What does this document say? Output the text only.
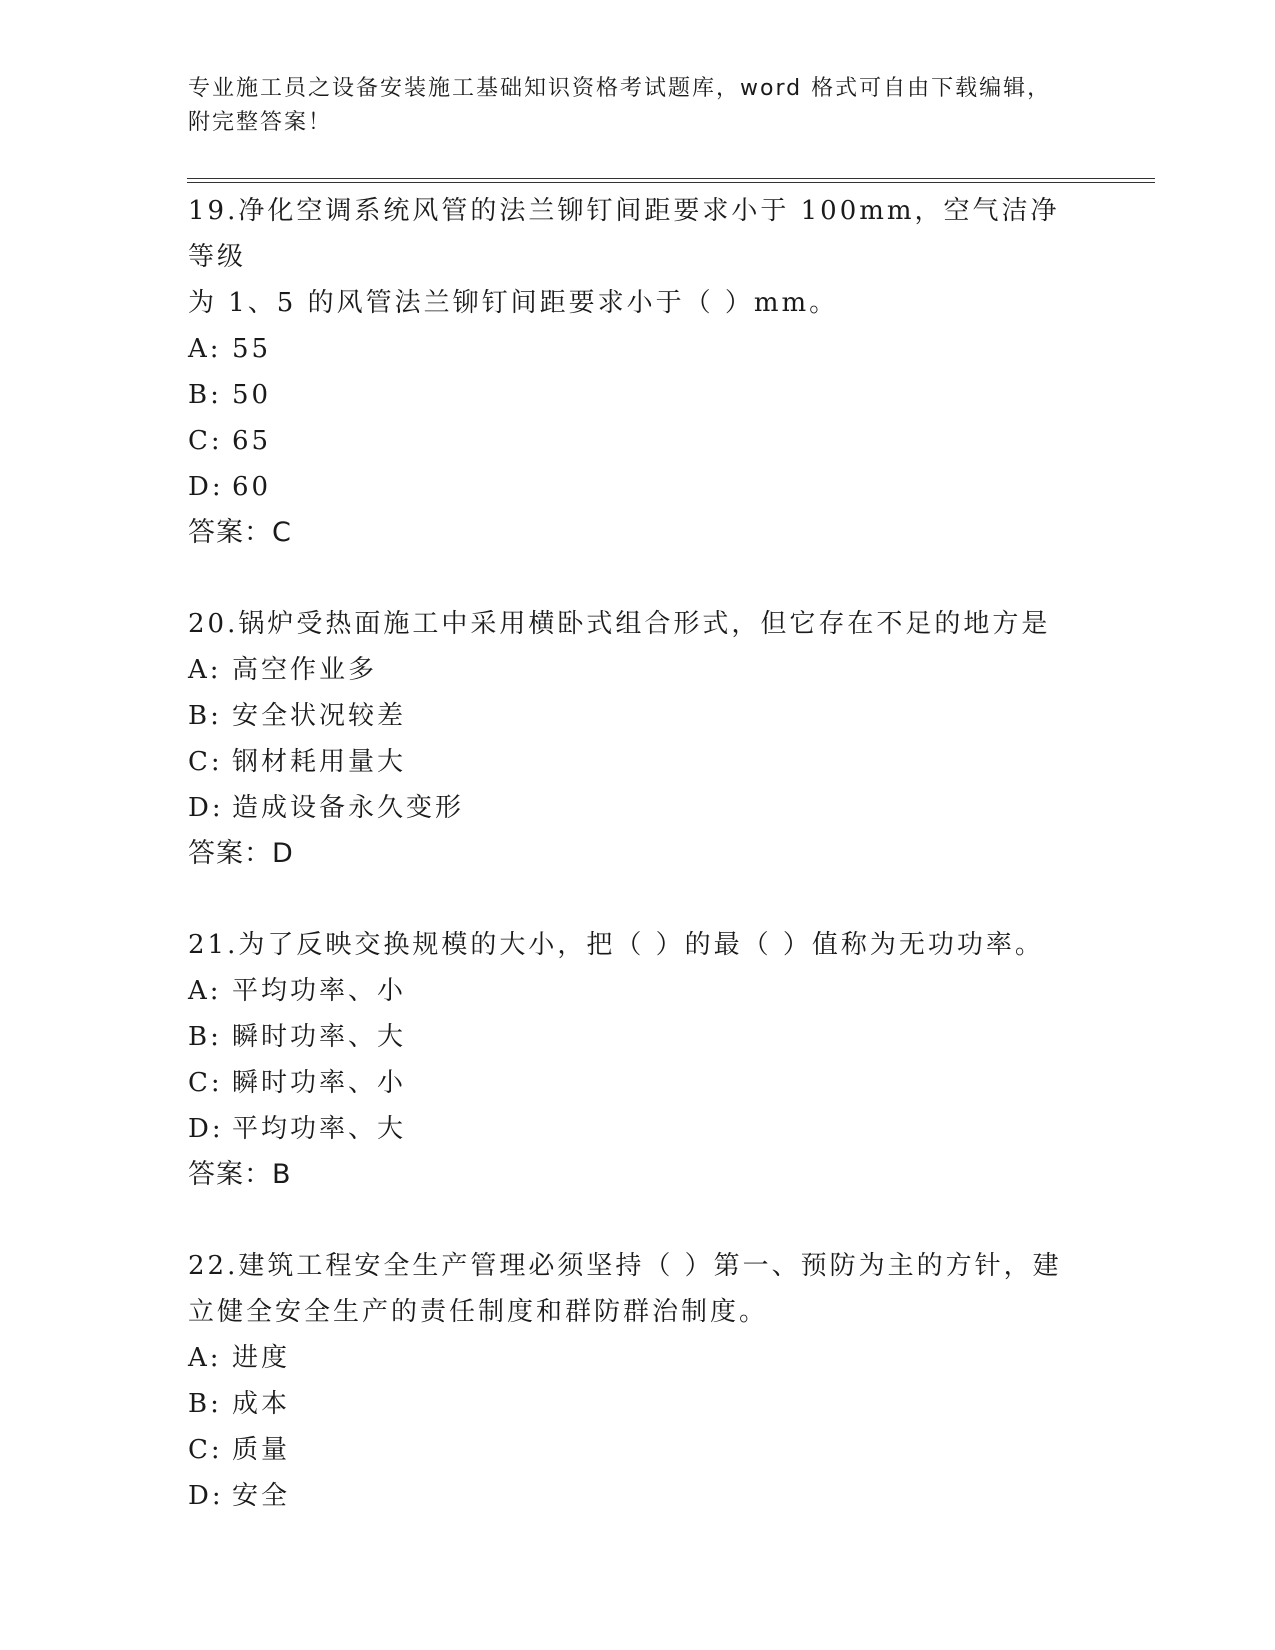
专业施工员之设备安装施工基础知识资格考试题库，word 格式可自由下载编辑，
附完整答案！
19.净化空调系统风管的法兰铆钉间距要求小于 100mm，空气洁净等级
为 1、5 的风管法兰铆钉间距要求小于（ ）mm。
A: 55
B: 50
C: 65
D: 60
答案：C
20.锅炉受热面施工中采用横卧式组合形式，但它存在不足的地方是
A: 高空作业多
B: 安全状况较差
C: 钢材耗用量大
D: 造成设备永久变形
答案：D
21.为了反映交换规模的大小，把（ ）的最（ ）值称为无功功率。
A: 平均功率、小
B: 瞬时功率、大
C: 瞬时功率、小
D: 平均功率、大
答案：B
22.建筑工程安全生产管理必须坚持（ ）第一、预防为主的方针，建
立健全安全生产的责任制度和群防群治制度。
A: 进度
B: 成本
C: 质量
D: 安全
